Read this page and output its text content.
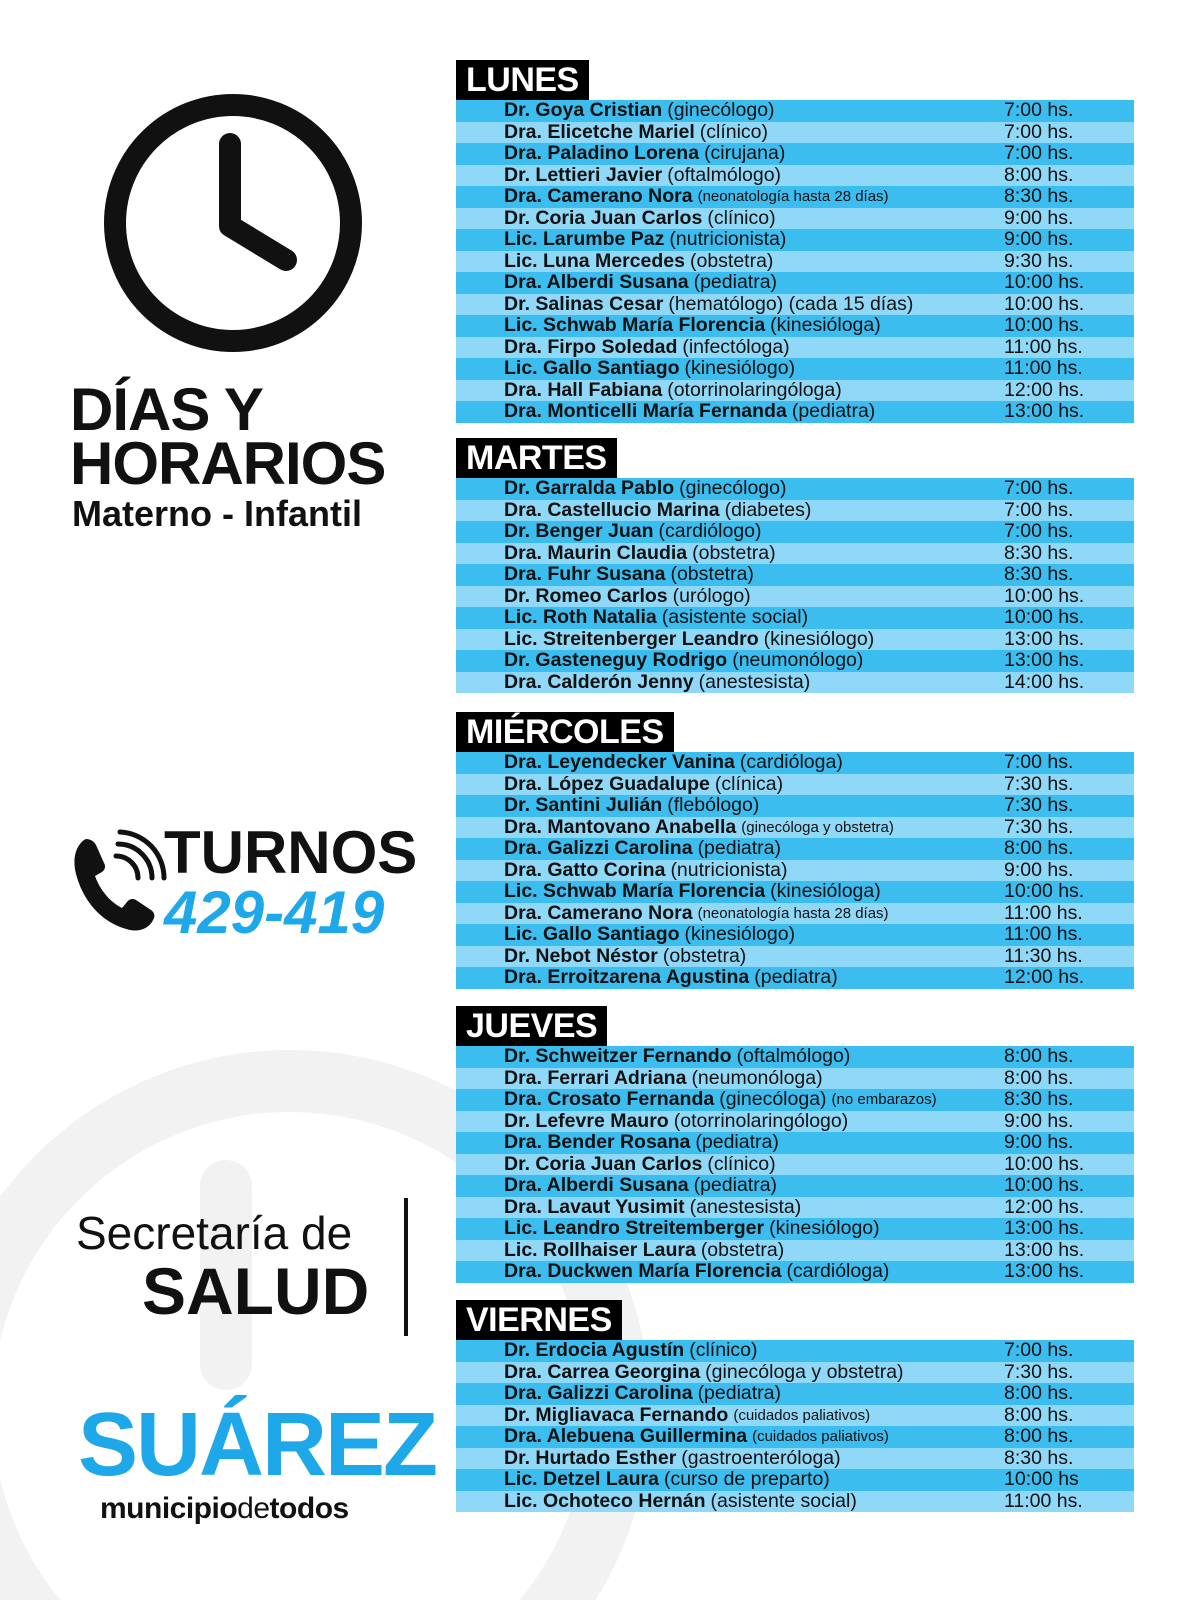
DÍAS Y
HORARIOS
Materno - Infantil
TURNOS
429-419
Secretaría de
SALUD
SUÁREZ
municipiodetodos
LUNES
Dr. Goya Cristian (ginecólogo)	7:00 hs.
Dra. Elicetche Mariel (clínico)	7:00 hs.
Dra. Paladino Lorena (cirujana)	7:00 hs.
Dr. Lettieri Javier (oftalmólogo)	8:00 hs.
Dra. Camerano Nora (neonatología hasta 28 días)	8:30 hs.
Dr. Coria Juan Carlos (clínico)	9:00 hs.
Lic. Larumbe Paz (nutricionista)	9:00 hs.
Lic. Luna Mercedes (obstetra)	9:30 hs.
Dra. Alberdi Susana (pediatra)	10:00 hs.
Dr. Salinas Cesar (hematólogo) (cada 15 días)	10:00 hs.
Lic. Schwab María Florencia (kinesióloga)	10:00 hs.
Dra. Firpo Soledad (infectóloga)	11:00 hs.
Lic. Gallo Santiago (kinesiólogo)	11:00 hs.
Dra. Hall Fabiana (otorrinolaringóloga)	12:00 hs.
Dra. Monticelli María Fernanda (pediatra)	13:00 hs.
MARTES
Dr. Garralda Pablo (ginecólogo)	7:00 hs.
Dra. Castellucio Marina (diabetes)	7:00 hs.
Dr. Benger Juan (cardiólogo)	7:00 hs.
Dra. Maurin Claudia (obstetra)	8:30 hs.
Dra. Fuhr Susana (obstetra)	8:30 hs.
Dr. Romeo Carlos (urólogo)	10:00 hs.
Lic. Roth Natalia (asistente social)	10:00 hs.
Lic. Streitenberger Leandro (kinesiólogo)	13:00 hs.
Dr. Gasteneguy Rodrigo (neumonólogo)	13:00 hs.
Dra. Calderón Jenny (anestesista)	14:00 hs.
MIÉRCOLES
Dra. Leyendecker Vanina (cardióloga)	7:00 hs.
Dra. López Guadalupe (clínica)	7:30 hs.
Dr. Santini Julián (flebólogo)	7:30 hs.
Dra. Mantovano Anabella (ginecóloga y obstetra)	7:30 hs.
Dra. Galizzi Carolina (pediatra)	8:00 hs.
Dra. Gatto Corina (nutricionista)	9:00 hs.
Lic. Schwab María Florencia (kinesióloga)	10:00 hs.
Dra. Camerano Nora (neonatología hasta 28 días)	11:00 hs.
Lic. Gallo Santiago (kinesiólogo)	11:00 hs.
Dr. Nebot Néstor (obstetra)	11:30 hs.
Dra. Erroitzarena Agustina (pediatra)	12:00 hs.
JUEVES
Dr. Schweitzer Fernando (oftalmólogo)	8:00 hs.
Dra. Ferrari Adriana (neumonóloga)	8:00 hs.
Dra. Crosato Fernanda (ginecóloga) (no embarazos)	8:30 hs.
Dr. Lefevre Mauro (otorrinolaringólogo)	9:00 hs.
Dra. Bender Rosana (pediatra)	9:00 hs.
Dr. Coria Juan Carlos (clínico)	10:00 hs.
Dra. Alberdi Susana (pediatra)	10:00 hs.
Dra. Lavaut Yusimit (anestesista)	12:00 hs.
Lic. Leandro Streitemberger (kinesiólogo)	13:00 hs.
Lic. Rollhaiser Laura (obstetra)	13:00 hs.
Dra. Duckwen María Florencia (cardióloga)	13:00 hs.
VIERNES
Dr. Erdocia Agustín (clínico)	7:00 hs.
Dra. Carrea Georgina (ginecóloga y obstetra)	7:30 hs.
Dra. Galizzi Carolina (pediatra)	8:00 hs.
Dr. Migliavaca Fernando (cuidados paliativos)	8:00 hs.
Dra. Alebuena Guillermina (cuidados paliativos)	8:00 hs.
Dr. Hurtado Esther (gastroenteróloga)	8:30 hs.
Lic. Detzel Laura (curso de preparto)	10:00 hs
Lic. Ochoteco Hernán (asistente social)	11:00 hs.
